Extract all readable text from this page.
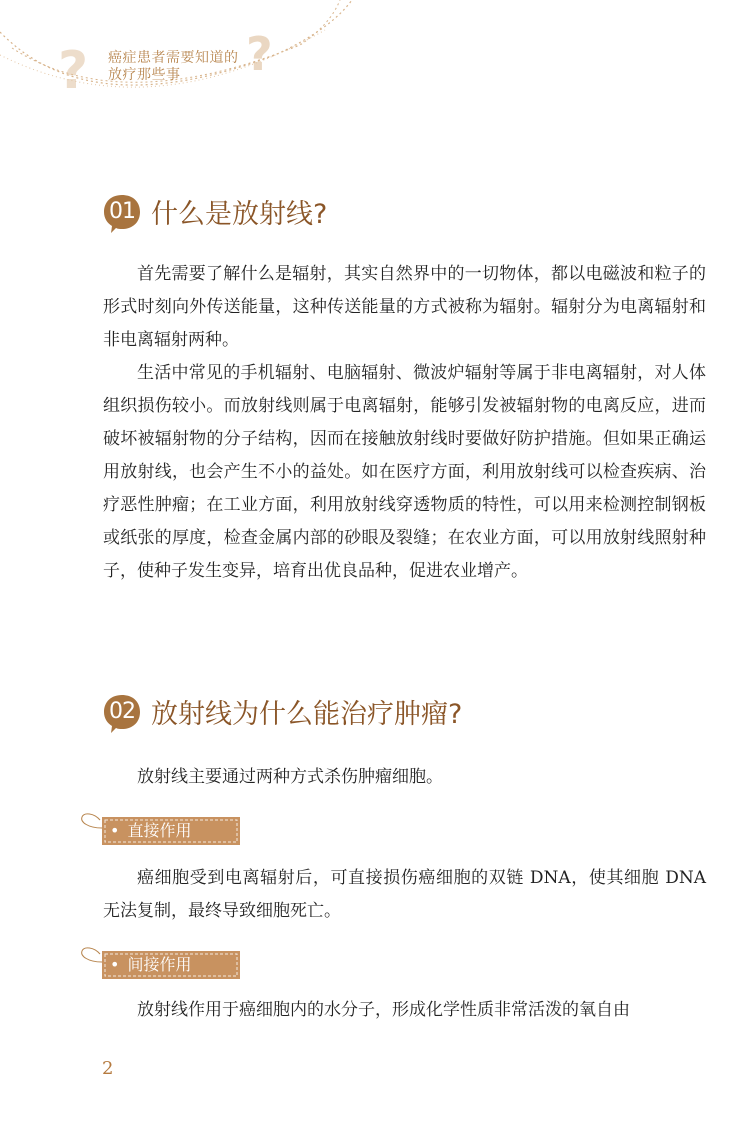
?	?
癌症患者需要知道的
放疗那些事
01 什么是放射线?

首先需要了解什么是辐射，其实自然界中的一切物体，都以电磁波和粒子的形式时刻向外传送能量，这种传送能量的方式被称为辐射。辐射分为电离辐射和非电离辐射两种。

生活中常见的手机辐射、电脑辐射、微波炉辐射等属于非电离辐射，对人体组织损伤较小。而放射线则属于电离辐射，能够引发被辐射物的电离反应，进而破坏被辐射物的分子结构，因而在接触放射线时要做好防护措施。但如果正确运用放射线，也会产生不小的益处。如在医疗方面，利用放射线可以检查疾病、治疗恶性肿瘤；在工业方面，利用放射线穿透物质的特性，可以用来检测控制钢板或纸张的厚度，检查金属内部的砂眼及裂缝；在农业方面，可以用放射线照射种子，使种子发生变异，培育出优良品种，促进农业增产。

02 放射线为什么能治疗肿瘤?

放射线主要通过两种方式杀伤肿瘤细胞。

• 直接作用

癌细胞受到电离辐射后，可直接损伤癌细胞的双链 DNA，使其细胞 DNA 无法复制，最终导致细胞死亡。

• 间接作用

放射线作用于癌细胞内的水分子，形成化学性质非常活泼的氧自由

2
